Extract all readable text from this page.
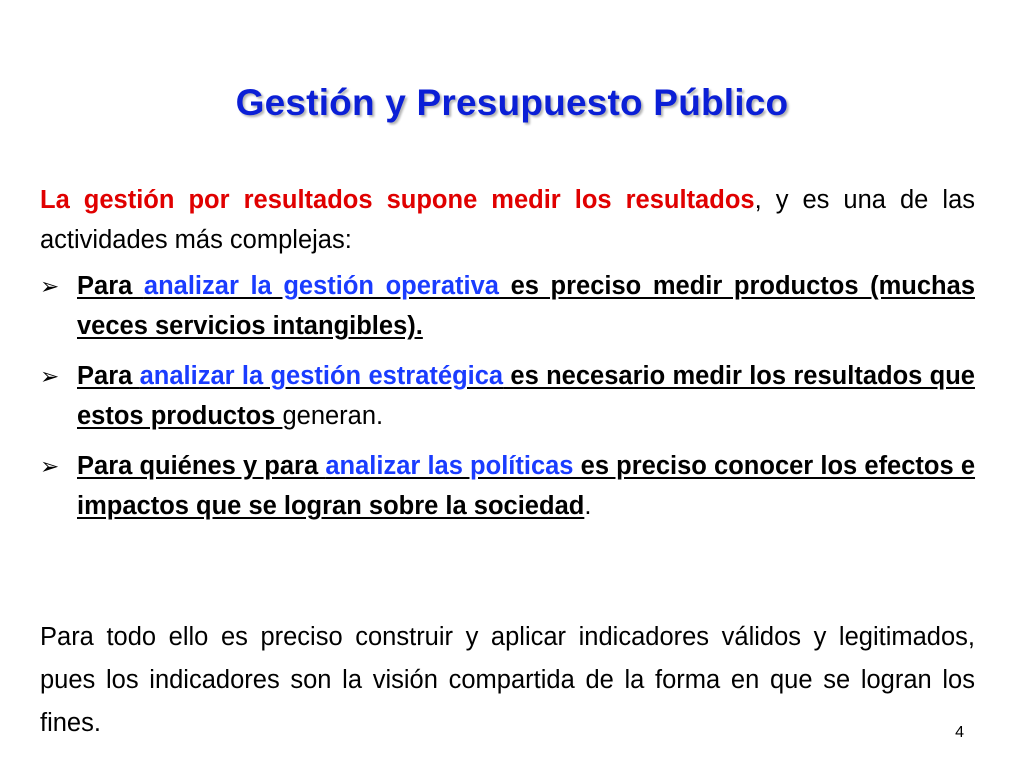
Gestión y Presupuesto Público

La gestión por resultados supone medir los resultados, y es una de las actividades más complejas:

➢ Para analizar la gestión operativa es preciso medir productos (muchas veces servicios intangibles).
➢ Para analizar la gestión estratégica es necesario medir los resultados que estos productos generan.
➢ Para quiénes y para analizar las políticas es preciso conocer los efectos e impactos que se logran sobre la sociedad.

Para todo ello es preciso construir y aplicar indicadores válidos y legitimados, pues los indicadores son la visión compartida de la forma en que se logran los fines.	4
